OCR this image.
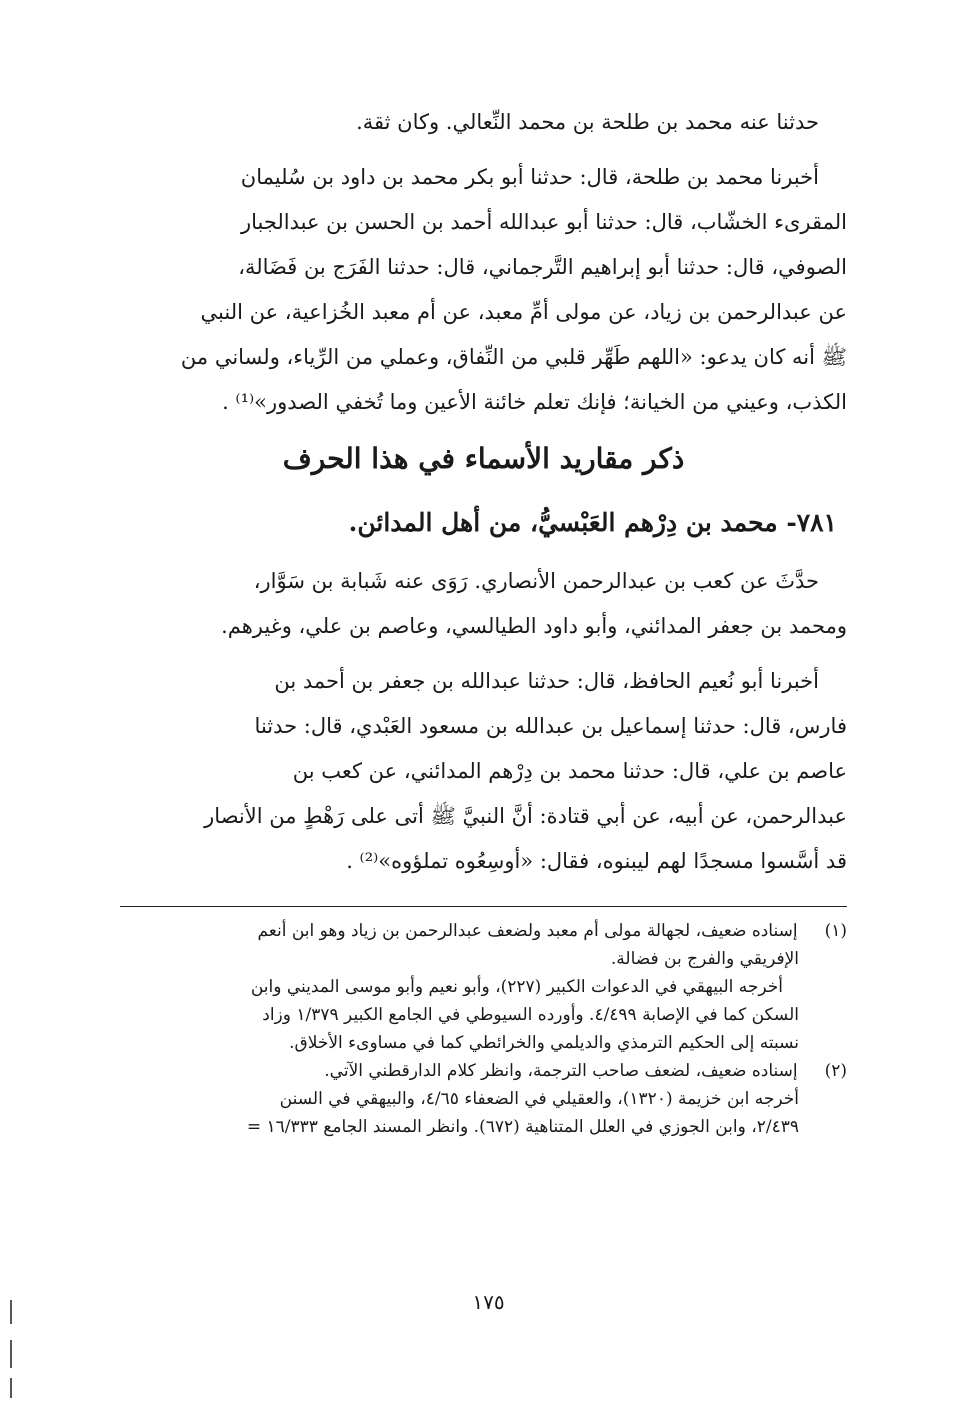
حدثنا عنه محمد بن طلحة بن محمد النِّعالي. وكان ثقة.
أخبرنا محمد بن طلحة، قال: حدثنا أبو بكر محمد بن داود بن سُليمان
المقرىء الخشّاب، قال: حدثنا أبو عبدالله أحمد بن الحسن بن عبدالجبار
الصوفي، قال: حدثنا أبو إبراهيم التَّرجماني، قال: حدثنا الفَرَج بن فَضَالة،
عن عبدالرحمن بن زياد، عن مولى أمِّ معبد، عن أم معبد الخُزاعية، عن النبي
ﷺ أنه كان يدعو: «اللهم طَهِّر قلبي من النِّفاق، وعملي من الرِّياء، ولساني من
الكذب، وعيني من الخيانة؛ فإنك تعلم خائنة الأعين وما تُخفي الصدور»⁽¹⁾ .
ذكر مقاريد الأسماء في هذا الحرف
٧٨١- محمد بن دِرْهم العَبْسيُّ، من أهل المدائن.
حدَّثَ عن كعب بن عبدالرحمن الأنصاري. رَوَى عنه شَبابة بن سَوَّار،
ومحمد بن جعفر المدائني، وأبو داود الطيالسي، وعاصم بن علي، وغيرهم.
أخبرنا أبو نُعيم الحافظ، قال: حدثنا عبدالله بن جعفر بن أحمد بن
فارس، قال: حدثنا إسماعيل بن عبدالله بن مسعود العَبْدي، قال: حدثنا
عاصم بن علي، قال: حدثنا محمد بن دِرْهم المدائني، عن كعب بن
عبدالرحمن، عن أبيه، عن أبي قتادة: أنَّ النبيَّ ﷺ أتى على رَهْطٍ من الأنصار
قد أسَّسوا مسجدًا لهم ليبنوه، فقال: «أوسِعُوه تملؤوه»⁽²⁾ .
(١) إسناده ضعيف، لجهالة مولى أم معبد ولضعف عبدالرحمن بن زياد وهو ابن أنعم
الإفريقي والفرج بن فضالة.
أخرجه البيهقي في الدعوات الكبير (٢٢٧)، وأبو نعيم وأبو موسى المديني وابن
السكن كما في الإصابة ٤/٤٩٩. وأورده السيوطي في الجامع الكبير ١/٣٧٩ وزاد
نسبته إلى الحكيم الترمذي والديلمي والخرائطي كما في مساوىء الأخلاق.
(٢) إسناده ضعيف، لضعف صاحب الترجمة، وانظر كلام الدارقطني الآتي.
أخرجه ابن خزيمة (١٣٢٠)، والعقيلي في الضعفاء ٤/٦٥، والبيهقي في السنن
٢/٤٣٩، وابن الجوزي في العلل المتناهية (٦٧٢). وانظر المسند الجامع ١٦/٣٣٣ =
١٧٥
